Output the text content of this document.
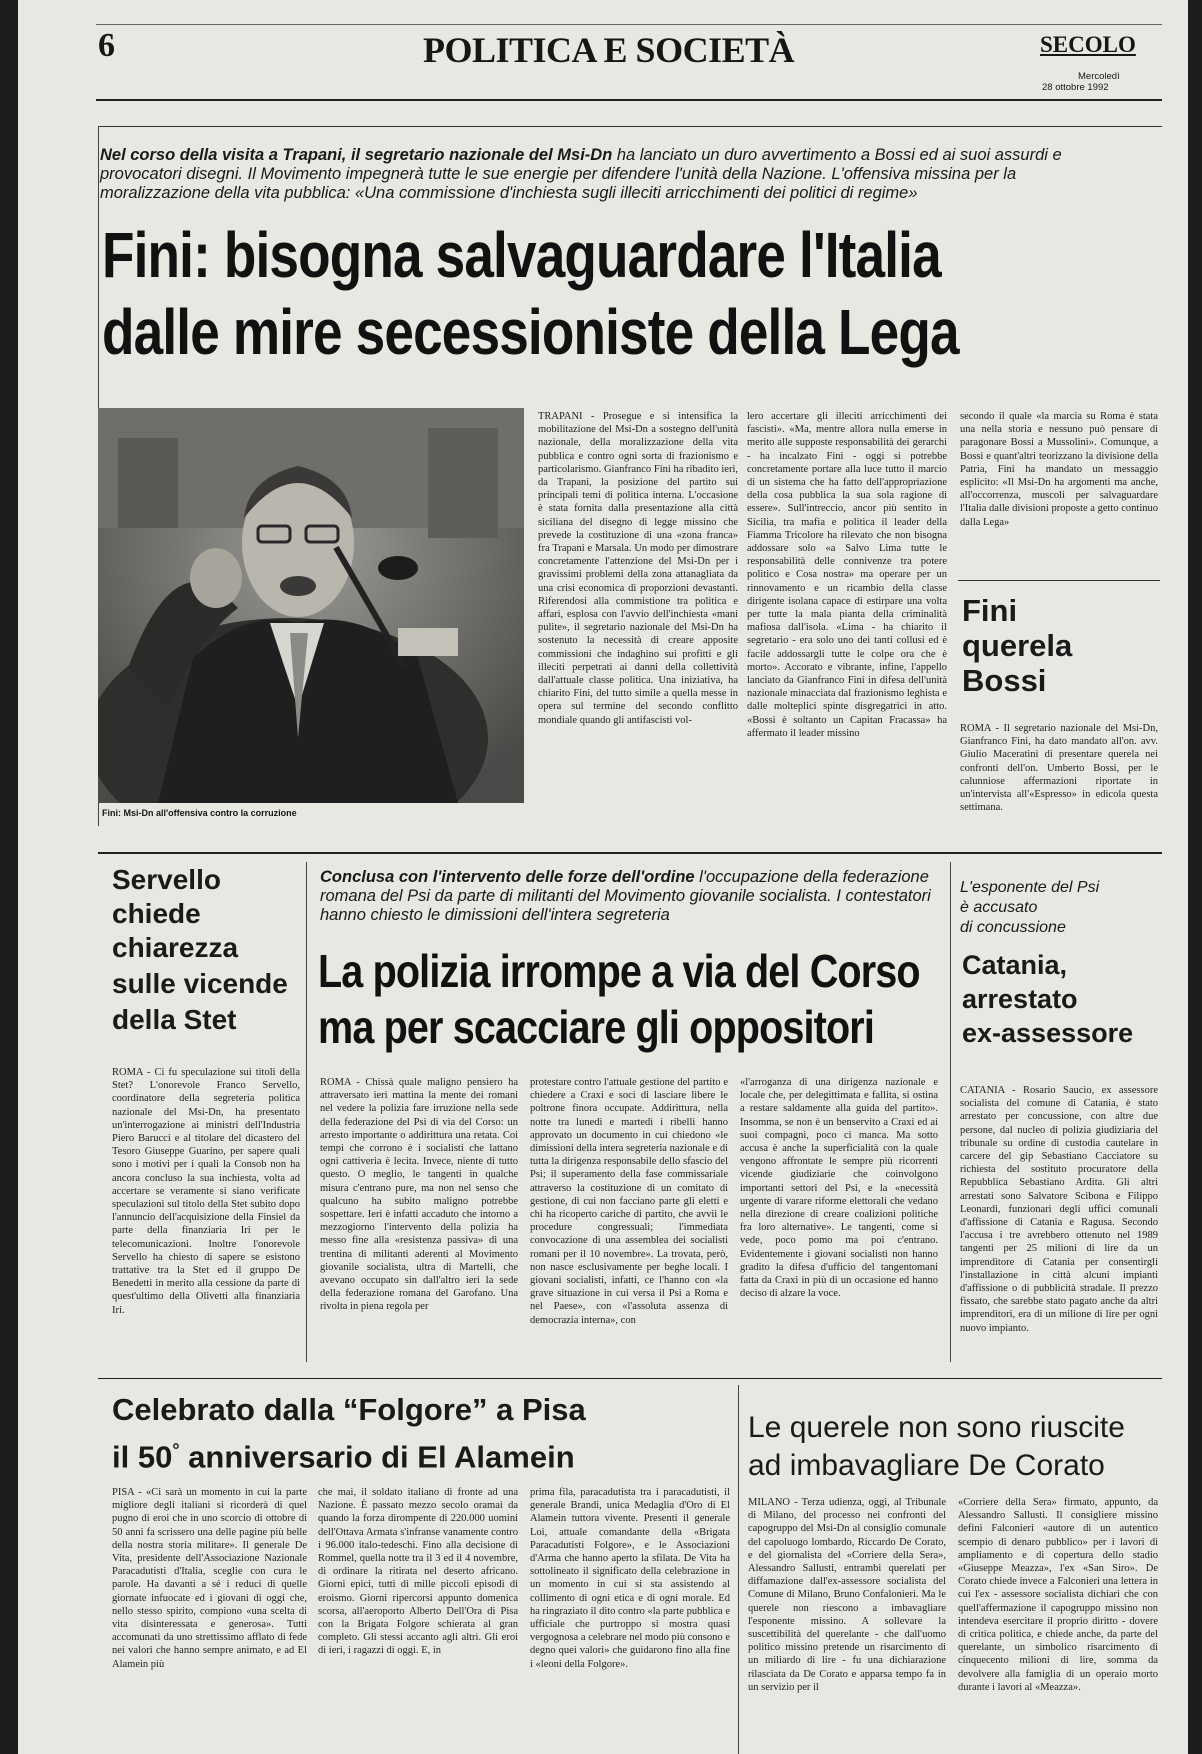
6	POLITICA E SOCIETÀ	SECOLO
Mercoledì
28 ottobre 1992
Nel corso della visita a Trapani, il segretario nazionale del Msi-Dn ha lanciato un duro avvertimento a Bossi ed ai suoi assurdi e provocatori disegni. Il Movimento impegnerà tutte le sue energie per difendere l'unità della Nazione. L'offensiva missina per la moralizzazione della vita pubblica: «Una commissione d'inchiesta sugli illeciti arricchimenti dei politici di regime»
Fini: bisogna salvaguardare l'Italia
dalle mire secessioniste della Lega
Fini: Msi-Dn all'offensiva contro la corruzione
TRAPANI - Prosegue e si intensifica la mobilitazione del Msi-Dn a sostegno dell'unità nazionale, della moralizzazione della vita pubblica e contro ogni sorta di frazionismo e particolarismo. Gianfranco Fini ha ribadito ieri, da Trapani, la posizione del partito sui principali temi di politica interna. L'occasione è stata fornita dalla presentazione alla città siciliana del disegno di legge missino che prevede la costituzione di una «zona franca» fra Trapani e Marsala. Un modo per dimostrare concretamente l'attenzione del Msi-Dn per i gravissimi problemi della zona attanagliata da una crisi economica di proporzioni devastanti. Riferendosi alla commistione tra politica e affari, esplosa con l'avvio dell'inchiesta «mani pulite», il segretario nazionale del Msi-Dn ha sostenuto la necessità di creare apposite commissioni che indaghino sui profitti e gli illeciti perpetrati ai danni della collettività dall'attuale classe politica. Una iniziativa, ha chiarito Fini, del tutto simile a quella messe in opera sul termine del secondo conflitto mondiale quando gli antifascisti vol-
lero accertare gli illeciti arricchimenti dei fascisti». «Ma, mentre allora nulla emerse in merito alle supposte responsabilità dei gerarchi - ha incalzato Fini - oggi si potrebbe concretamente portare alla luce tutto il marcio di un sistema che ha fatto dell'appropriazione della cosa pubblica la sua sola ragione di essere». Sull'intreccio, ancor più sentito in Sicilia, tra mafia e politica il leader della Fiamma Tricolore ha rilevato che non bisogna addossare solo «a Salvo Lima tutte le responsabilità delle connivenze tra potere politico e Cosa nostra» ma operare per un rinnovamento e un ricambio della classe dirigente isolana capace di estirpare una volta per tutte la mala pianta della criminalità mafiosa dall'isola. «Lima - ha chiarito il segretario - era solo uno dei tanti collusi ed è facile addossargli tutte le colpe ora che è morto». Accorato e vibrante, infine, l'appello lanciato da Gianfranco Fini in difesa dell'unità nazionale minacciata dal frazionismo leghista e dalle molteplici spinte disgregatrici in atto. «Bossi è soltanto un Capitan Fracassa» ha affermato il leader missino
secondo il quale «la marcia su Roma è stata una nella storia e nessuno può pensare di paragonare Bossi a Mussolini». Comunque, a Bossi e quant'altri teorizzano la divisione della Patria, Fini ha mandato un messaggio esplicito: «Il Msi-Dn ha argomenti ma anche, all'occorrenza, muscoli per salvaguardare l'Italia dalle divisioni proposte a getto continuo dalla Lega»
Fini
querela
Bossi
ROMA - Il segretario nazionale del Msi-Dn, Gianfranco Fini, ha dato mandato all'on. avv. Giulio Maceratini di presentare querela nei confronti dell'on. Umberto Bossi, per le calunniose affermazioni riportate in un'intervista all'«Espresso» in edicola questa settimana.
Servello
chiede
chiarezza
sulle vicende
della Stet
ROMA - Ci fu speculazione sui titoli della Stet? L'onorevole Franco Servello, coordinatore della segreteria politica nazionale del Msi-Dn, ha presentato un'interrogazione ai ministri dell'Industria Piero Barucci e al titolare del dicastero del Tesoro Giuseppe Guarino, per sapere quali sono i motivi per i quali la Consob non ha ancora concluso la sua inchiesta, volta ad accertare se veramente si siano verificate speculazioni sul titolo della Stet subito dopo l'annuncio dell'acquisizione della Finsiel da parte della finanziaria Iri per le telecomunicazioni. Inoltre l'onorevole Servello ha chiesto di sapere se esistono trattative tra la Stet ed il gruppo De Benedetti in merito alla cessione da parte di quest'ultimo della Olivetti alla finanziaria Iri.
Conclusa con l'intervento delle forze dell'ordine l'occupazione della federazione romana del Psi da parte di militanti del Movimento giovanile socialista. I contestatori hanno chiesto le dimissioni dell'intera segreteria
La polizia irrompe a via del Corso
ma per scacciare gli oppositori
ROMA - Chissà quale maligno pensiero ha attraversato ieri mattina la mente dei romani nel vedere la polizia fare irruzione nella sede della federazione del Psi di via del Corso: un arresto importante o addirittura una retata. Coi tempi che corrono è i socialisti che lattano ogni cattiveria è lecita. Invece, niente di tutto questo. O meglio, le tangenti in qualche misura c'entrano pure, ma non nel senso che qualcuno ha subito maligno potrebbe sospettare. Ieri è infatti accaduto che intorno a mezzogiorno l'intervento della polizia ha messo fine alla «resistenza passiva» di una trentina di militanti aderenti al Movimento giovanile socialista, ultra di Martelli, che avevano occupato sin dall'altro ieri la sede della federazione romana del Garofano. Una rivolta in piena regola per
protestare contro l'attuale gestione del partito e chiedere a Craxi e soci di lasciare libere le poltrone finora occupate. Addirittura, nella notte tra lunedì e martedì i ribelli hanno approvato un documento in cui chiedono «le dimissioni della intera segreteria nazionale e di tutta la dirigenza responsabile dello sfascio del Psi; il superamento della fase commissariale attraverso la costituzione di un comitato di gestione, di cui non facciano parte gli eletti e chi ha ricoperto cariche di partito, che avvii le procedure congressuali; l'immediata convocazione di una assemblea dei socialisti romani per il 10 novembre». La trovata, però, non nasce esclusivamente per beghe locali. I giovani socialisti, infatti, ce l'hanno con «la grave situazione in cui versa il Psi a Roma e nel Paese», con «l'assoluta assenza di democrazia interna», con
«l'arroganza di una dirigenza nazionale e locale che, per delegittimata e fallita, si ostina a restare saldamente alla guida del partito». Insomma, se non è un benservito a Craxi ed ai suoi compagni, poco ci manca. Ma sotto accusa è anche la superficialità con la quale vengono affrontate le sempre più ricorrenti vicende giudiziarie che coinvolgono importanti settori del Psi, e la «necessità urgente di varare riforme elettorali che vedano nella direzione di creare coalizioni politiche fra loro alternative». Le tangenti, come si vede, poco pomo ma poi c'entrano. Evidentemente i giovani socialisti non hanno gradito la difesa d'ufficio del tangentomani fatta da Craxi in più di un occasione ed hanno deciso di alzare la voce.
L'esponente del Psi
è accusato
di concussione
Catania,
arrestato
ex-assessore
CATANIA - Rosario Saucio, ex assessore socialista del comune di Catania, è stato arrestato per concussione, con altre due persone, dal nucleo di polizia giudiziaria del tribunale su ordine di custodia cautelare in carcere del gip Sebastiano Cacciatore su richiesta del sostituto procuratore della Repubblica Sebastiano Ardita. Gli altri arrestati sono Salvatore Scibona e Filippo Leonardi, funzionari degli uffici comunali d'affissione di Catania e Ragusa. Secondo l'accusa i tre avrebbero ottenuto nel 1989 tangenti per 25 milioni di lire da un imprenditore di Catania per consentirgli l'installazione in città alcuni impianti d'affissione o di pubblicità stradale. Il prezzo fissato, che sarebbe stato pagato anche da altri imprenditori, era di un milione di lire per ogni nuovo impianto.
Celebrato dalla “Folgore” a Pisa
il 50° anniversario di El Alamein
PISA - «Ci sarà un momento in cui la parte migliore degli italiani si ricorderà di quel pugno di eroi che in uno scorcio di ottobre di 50 anni fa scrissero una delle pagine più belle della nostra storia militare». Il generale De Vita, presidente dell'Associazione Nazionale Paracadutisti d'Italia, sceglie con cura le parole. Ha davanti a sé i reduci di quelle giornate infuocate ed i giovani di oggi che, nello stesso spirito, compiono «una scelta di vita disinteressata e generosa». Tutti accomunati da uno strettissimo afflato di fede nei valori che hanno sempre animato, e ad El Alamein più
che mai, il soldato italiano di fronte ad una Nazione. È passato mezzo secolo oramai da quando la forza dirompente di 220.000 uomini dell'Ottava Armata s'infranse vanamente contro i 96.000 italo-tedeschi. Fino alla decisione di Rommel, quella notte tra il 3 ed il 4 novembre, di ordinare la ritirata nel deserto africano. Giorni epici, tutti di mille piccoli episodi di eroismo. Giorni ripercorsi appunto domenica scorsa, all'aeroporto Alberto Dell'Ora di Pisa con la Brigata Folgore schierata al gran completo. Gli stessi accanto agli altri. Gli eroi di ieri, i ragazzi di oggi. E, in
prima fila, paracadutista tra i paracadutisti, il generale Brandi, unica Medaglia d'Oro di El Alamein tuttora vivente. Presenti il generale Loi, attuale comandante della «Brigata Paracadutisti Folgore», e le Associazioni d'Arma che hanno aperto la sfilata. De Vita ha sottolineato il significato della celebrazione in un momento in cui si sta assistendo al collimento di ogni etica e di ogni morale. Ed ha ringraziato il dito contro «la parte pubblica e ufficiale che purtroppo si mostra quasi vergognosa a celebrare nel modo più consono e degno quei valori» che guidarono fino alla fine i «leoni della Folgore».
Le querele non sono riuscite
ad imbavagliare De Corato
MILANO - Terza udienza, oggi, al Tribunale di Milano, del processo nei confronti del capogruppo del Msi-Dn al consiglio comunale del capoluogo lombardo, Riccardo De Corato, e del giornalista del «Corriere della Sera», Alessandro Sallusti, entrambi querelati per diffamazione dall'ex-assessore socialista del Comune di Milano, Bruno Confalonieri. Ma le querele non riescono a imbavagliare l'esponente missino. A sollevare la suscettibilità del querelante - che dall'uomo politico missino pretende un risarcimento di un miliardo di lire - fu una dichiarazione rilasciata da De Corato e apparsa tempo fa in un servizio per il
«Corriere della Sera» firmato, appunto, da Alessandro Sallusti. Il consigliere missino definì Falconieri «autore di un autentico scempio di denaro pubblico» per i lavori di ampliamento e di copertura dello stadio «Giuseppe Meazza», l'ex «San Siro». De Corato chiede invece a Falconieri una lettera in cui l'ex - assessore socialista dichiari che con quell'affermazione il capogruppo missino non intendeva esercitare il proprio diritto - dovere di critica politica, e chiede anche, da parte del querelante, un simbolico risarcimento di cinquecento milioni di lire, somma da devolvere alla famiglia di un operaio morto durante i lavori al «Meazza».
